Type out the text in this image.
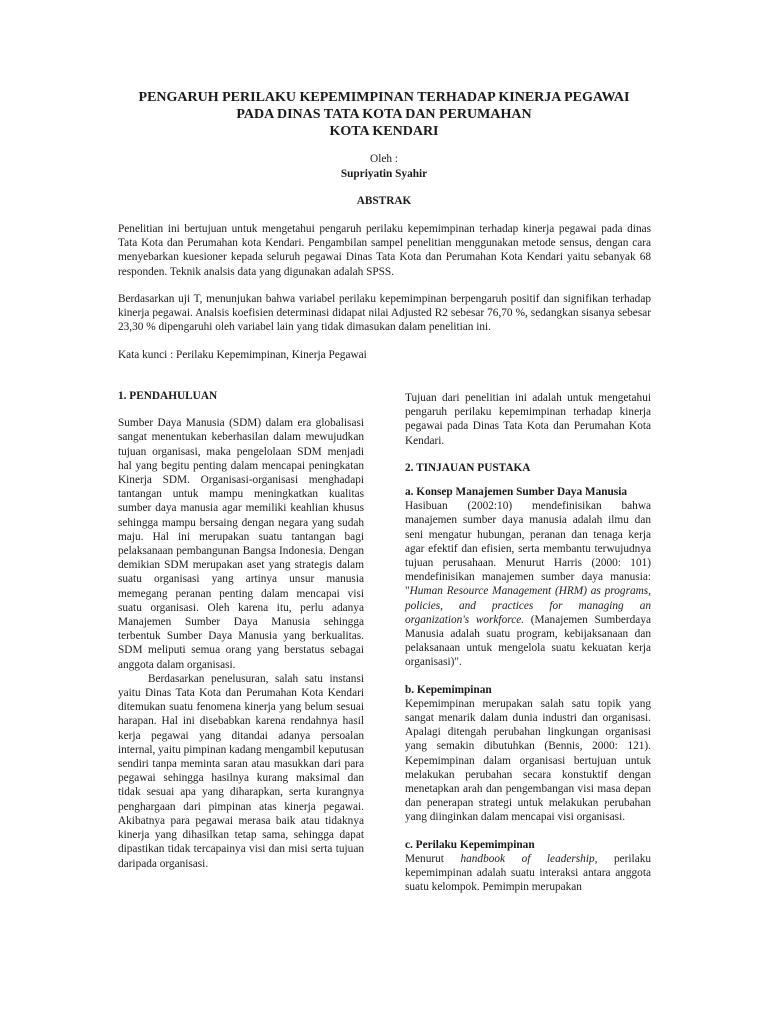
PENGARUH PERILAKU KEPEMIMPINAN TERHADAP KINERJA PEGAWAI
PADA DINAS TATA KOTA DAN PERUMAHAN
KOTA KENDARI

Oleh :

Supriyatin Syahir

ABSTRAK

Penelitian ini bertujuan untuk mengetahui pengaruh perilaku kepemimpinan terhadap kinerja pegawai pada dinas Tata Kota dan Perumahan kota Kendari. Pengambilan sampel penelitian menggunakan metode sensus, dengan cara menyebarkan kuesioner kepada seluruh pegawai Dinas Tata Kota dan Perumahan Kota Kendari yaitu sebanyak 68 responden. Teknik analsis data yang digunakan adalah SPSS.

Berdasarkan uji T, menunjukan bahwa variabel perilaku kepemimpinan berpengaruh positif dan signifikan terhadap kinerja pegawai. Analsis koefisien determinasi didapat nilai Adjusted R2 sebesar 76,70 %, sedangkan sisanya sebesar 23,30 % dipengaruhi oleh variabel lain yang tidak dimasukan dalam penelitian ini.

Kata kunci : Perilaku Kepemimpinan, Kinerja Pegawai

1. PENDAHULUAN

Sumber Daya Manusia (SDM) dalam era globalisasi sangat menentukan keberhasilan dalam mewujudkan tujuan organisasi, maka pengelolaan SDM menjadi hal yang begitu penting dalam mencapai peningkatan Kinerja SDM. Organisasi-organisasi menghadapi tantangan untuk mampu meningkatkan kualitas sumber daya manusia agar memiliki keahlian khusus sehingga mampu bersaing dengan negara yang sudah maju. Hal ini merupakan suatu tantangan bagi pelaksanaan pembangunan Bangsa Indonesia. Dengan demikian SDM merupakan aset yang strategis dalam suatu organisasi yang artinya unsur manusia memegang peranan penting dalam mencapai visi suatu organisasi. Oleh karena itu, perlu adanya Manajemen Sumber Daya Manusia sehingga terbentuk Sumber Daya Manusia yang berkualitas. SDM meliputi semua orang yang berstatus sebagai anggota dalam organisasi.

Berdasarkan penelusuran, salah satu instansi yaitu Dinas Tata Kota dan Perumahan Kota Kendari ditemukan suatu fenomena kinerja yang belum sesuai harapan. Hal ini disebabkan karena rendahnya hasil kerja pegawai yang ditandai adanya persoalan internal, yaitu pimpinan kadang mengambil keputusan sendiri tanpa meminta saran atau masukkan dari para pegawai sehingga hasilnya kurang maksimal dan tidak sesuai apa yang diharapkan, serta kurangnya penghargaan dari pimpinan atas kinerja pegawai. Akibatnya para pegawai merasa baik atau tidaknya kinerja yang dihasilkan tetap sama, sehingga dapat dipastikan tidak tercapainya visi dan misi serta tujuan daripada organisasi.

Tujuan dari penelitian ini adalah untuk mengetahui pengaruh perilaku kepemimpinan terhadap kinerja pegawai pada Dinas Tata Kota dan Perumahan Kota Kendari.

2. TINJAUAN PUSTAKA
a. Konsep Manajemen Sumber Daya Manusia

Hasibuan (2002:10) mendefinisikan bahwa manajemen sumber daya manusia adalah ilmu dan seni mengatur hubungan, peranan dan tenaga kerja agar efektif dan efisien, serta membantu terwujudnya tujuan perusahaan. Menurut Harris (2000: 101) mendefinisikan manajemen sumber daya manusia: "Human Resource Management (HRM) as programs, policies, and practices for managing an organization's workforce. (Manajemen Sumberdaya Manusia adalah suatu program, kebijaksanaan dan pelaksanaan untuk mengelola suatu kekuatan kerja organisasi)".

b. Kepemimpinan

Kepemimpinan merupakan salah satu topik yang sangat menarik dalam dunia industri dan organisasi. Apalagi ditengah perubahan lingkungan organisasi yang semakin dibutuhkan (Bennis, 2000: 121). Kepemimpinan dalam organisasi bertujuan untuk melakukan perubahan secara konstuktif dengan menetapkan arah dan pengembangan visi masa depan dan penerapan strategi untuk melakukan perubahan yang diinginkan dalam mencapai visi organisasi.

c. Perilaku Kepemimpinan

Menurut handbook of leadership, perilaku kepemimpinan adalah suatu interaksi antara anggota suatu kelompok. Pemimpin merupakan
